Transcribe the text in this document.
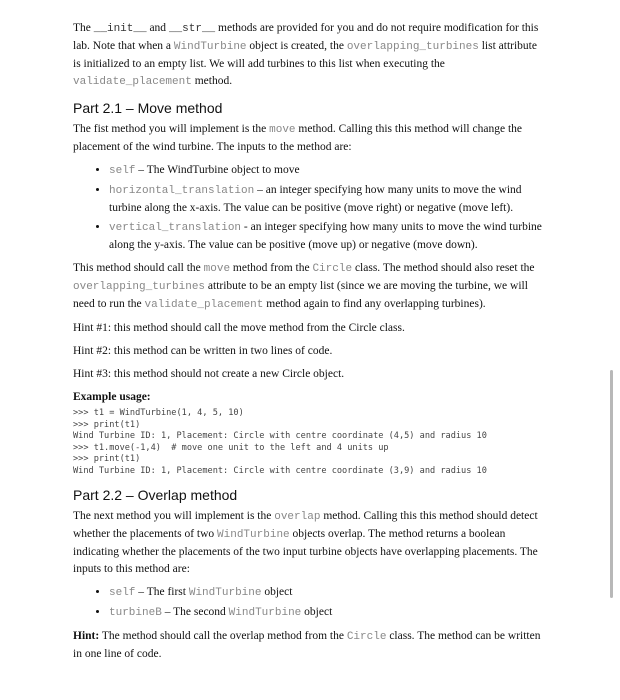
The __init__ and __str__ methods are provided for you and do not require modification for this lab. Note that when a WindTurbine object is created, the overlapping_turbines list attribute is initialized to an empty list. We will add turbines to this list when executing the validate_placement method.

Part 2.1 – Move method

The fist method you will implement is the move method. Calling this this method will change the placement of the wind turbine. The inputs to the method are:

• self – The WindTurbine object to move
• horizontal_translation – an integer specifying how many units to move the wind turbine along the x-axis. The value can be positive (move right) or negative (move left).
• vertical_translation - an integer specifying how many units to move the wind turbine along the y-axis. The value can be positive (move up) or negative (move down).

This method should call the move method from the Circle class. The method should also reset the overlapping_turbines attribute to be an empty list (since we are moving the turbine, we will need to run the validate_placement method again to find any overlapping turbines).

Hint #1: this method should call the move method from the Circle class.

Hint #2: this method can be written in two lines of code.

Hint #3: this method should not create a new Circle object.

Example usage:

>>> t1 = WindTurbine(1, 4, 5, 10)
>>> print(t1)
Wind Turbine ID: 1, Placement: Circle with centre coordinate (4,5) and radius 10
>>> t1.move(-1,4)  # move one unit to the left and 4 units up
>>> print(t1)
Wind Turbine ID: 1, Placement: Circle with centre coordinate (3,9) and radius 10
Part 2.2 – Overlap method

The next method you will implement is the overlap method. Calling this this method should detect whether the placements of two WindTurbine objects overlap. The method returns a boolean indicating whether the placements of the two input turbine objects have overlapping placements. The inputs to this method are:

• self – The first WindTurbine object
• turbineB – The second WindTurbine object

Hint: The method should call the overlap method from the Circle class. The method can be written in one line of code.
